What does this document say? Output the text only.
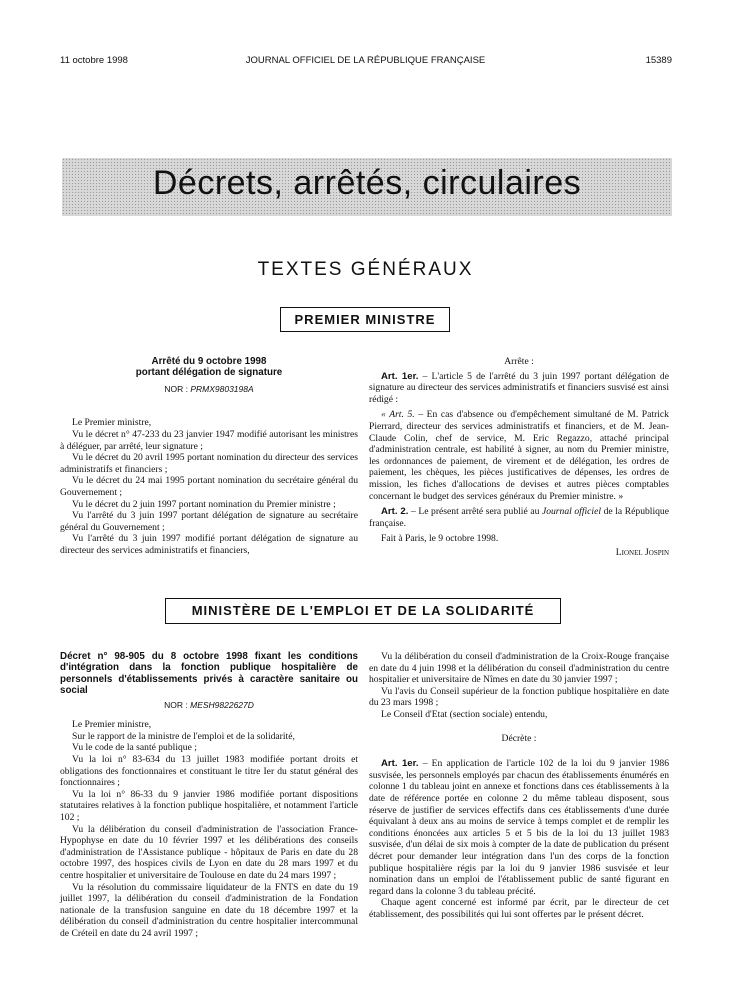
11 octobre 1998	JOURNAL OFFICIEL DE LA RÉPUBLIQUE FRANÇAISE	15389
Décrets, arrêtés, circulaires
TEXTES GÉNÉRAUX
PREMIER MINISTRE
Arrêté du 9 octobre 1998
portant délégation de signature
NOR : PRMX9803198A

Le Premier ministre,

Vu le décret n° 47-233 du 23 janvier 1947 modifié autorisant les ministres à déléguer, par arrêté, leur signature ;

Vu le décret du 20 avril 1995 portant nomination du directeur des services administratifs et financiers ;

Vu le décret du 24 mai 1995 portant nomination du secrétaire général du Gouvernement ;

Vu le décret du 2 juin 1997 portant nomination du Premier ministre ;

Vu l'arrêté du 3 juin 1997 portant délégation de signature au secrétaire général du Gouvernement ;

Vu l'arrêté du 3 juin 1997 modifié portant délégation de signature au directeur des services administratifs et financiers,

Arrête :

Art. 1er. – L'article 5 de l'arrêté du 3 juin 1997 portant délégation de signature au directeur des services administratifs et financiers susvisé est ainsi rédigé :

« Art. 5. – En cas d'absence ou d'empêchement simultané de M. Patrick Pierrard, directeur des services administratifs et financiers, et de M. Jean-Claude Colin, chef de service, M. Eric Regazzo, attaché principal d'administration centrale, est habilité à signer, au nom du Premier ministre, les ordonnances de paiement, de virement et de délégation, les ordres de paiement, les chèques, les pièces justificatives de dépenses, les ordres de mission, les fiches d'allocations de devises et autres pièces comptables concernant le budget des services généraux du Premier ministre. »

Art. 2. – Le présent arrêté sera publié au Journal officiel de la République française.

Fait à Paris, le 9 octobre 1998.

Lionel Jospin

MINISTÈRE DE L'EMPLOI ET DE LA SOLIDARITÉ
Décret n° 98-905 du 8 octobre 1998 fixant les conditions d'intégration dans la fonction publique hospitalière de personnels d'établissements privés à caractère sanitaire ou social
NOR : MESH9822627D

Le Premier ministre,

Sur le rapport de la ministre de l'emploi et de la solidarité,

Vu le code de la santé publique ;

Vu la loi n° 83-634 du 13 juillet 1983 modifiée portant droits et obligations des fonctionnaires et constituant le titre Ier du statut général des fonctionnaires ;

Vu la loi n° 86-33 du 9 janvier 1986 modifiée portant dispositions statutaires relatives à la fonction publique hospitalière, et notamment l'article 102 ;

Vu la délibération du conseil d'administration de l'association France-Hypophyse en date du 10 février 1997 et les délibérations des conseils d'administration de l'Assistance publique - hôpitaux de Paris en date du 28 octobre 1997, des hospices civils de Lyon en date du 28 mars 1997 et du centre hospitalier et universitaire de Toulouse en date du 24 mars 1997 ;

Vu la résolution du commissaire liquidateur de la FNTS en date du 19 juillet 1997, la délibération du conseil d'administration de la Fondation nationale de la transfusion sanguine en date du 18 décembre 1997 et la délibération du conseil d'administration du centre hospitalier intercommunal de Créteil en date du 24 avril 1997 ;

Vu la délibération du conseil d'administration de la Croix-Rouge française en date du 4 juin 1998 et la délibération du conseil d'administration du centre hospitalier et universitaire de Nîmes en date du 30 janvier 1997 ;

Vu l'avis du Conseil supérieur de la fonction publique hospitalière en date du 23 mars 1998 ;

Le Conseil d'Etat (section sociale) entendu,

Décrète :

Art. 1er. – En application de l'article 102 de la loi du 9 janvier 1986 susvisée, les personnels employés par chacun des établissements énumérés en colonne 1 du tableau joint en annexe et fonctions dans ces établissements à la date de référence portée en colonne 2 du même tableau disposent, sous réserve de justifier de services effectifs dans ces établissements d'une durée équivalant à deux ans au moins de service à temps complet et de remplir les conditions énoncées aux articles 5 et 5 bis de la loi du 13 juillet 1983 susvisée, d'un délai de six mois à compter de la date de publication du présent décret pour demander leur intégration dans l'un des corps de la fonction publique hospitalière régis par la loi du 9 janvier 1986 susvisée et leur nomination dans un emploi de l'établissement public de santé figurant en regard dans la colonne 3 du tableau précité.

Chaque agent concerné est informé par écrit, par le directeur de cet établissement, des possibilités qui lui sont offertes par le présent décret.
